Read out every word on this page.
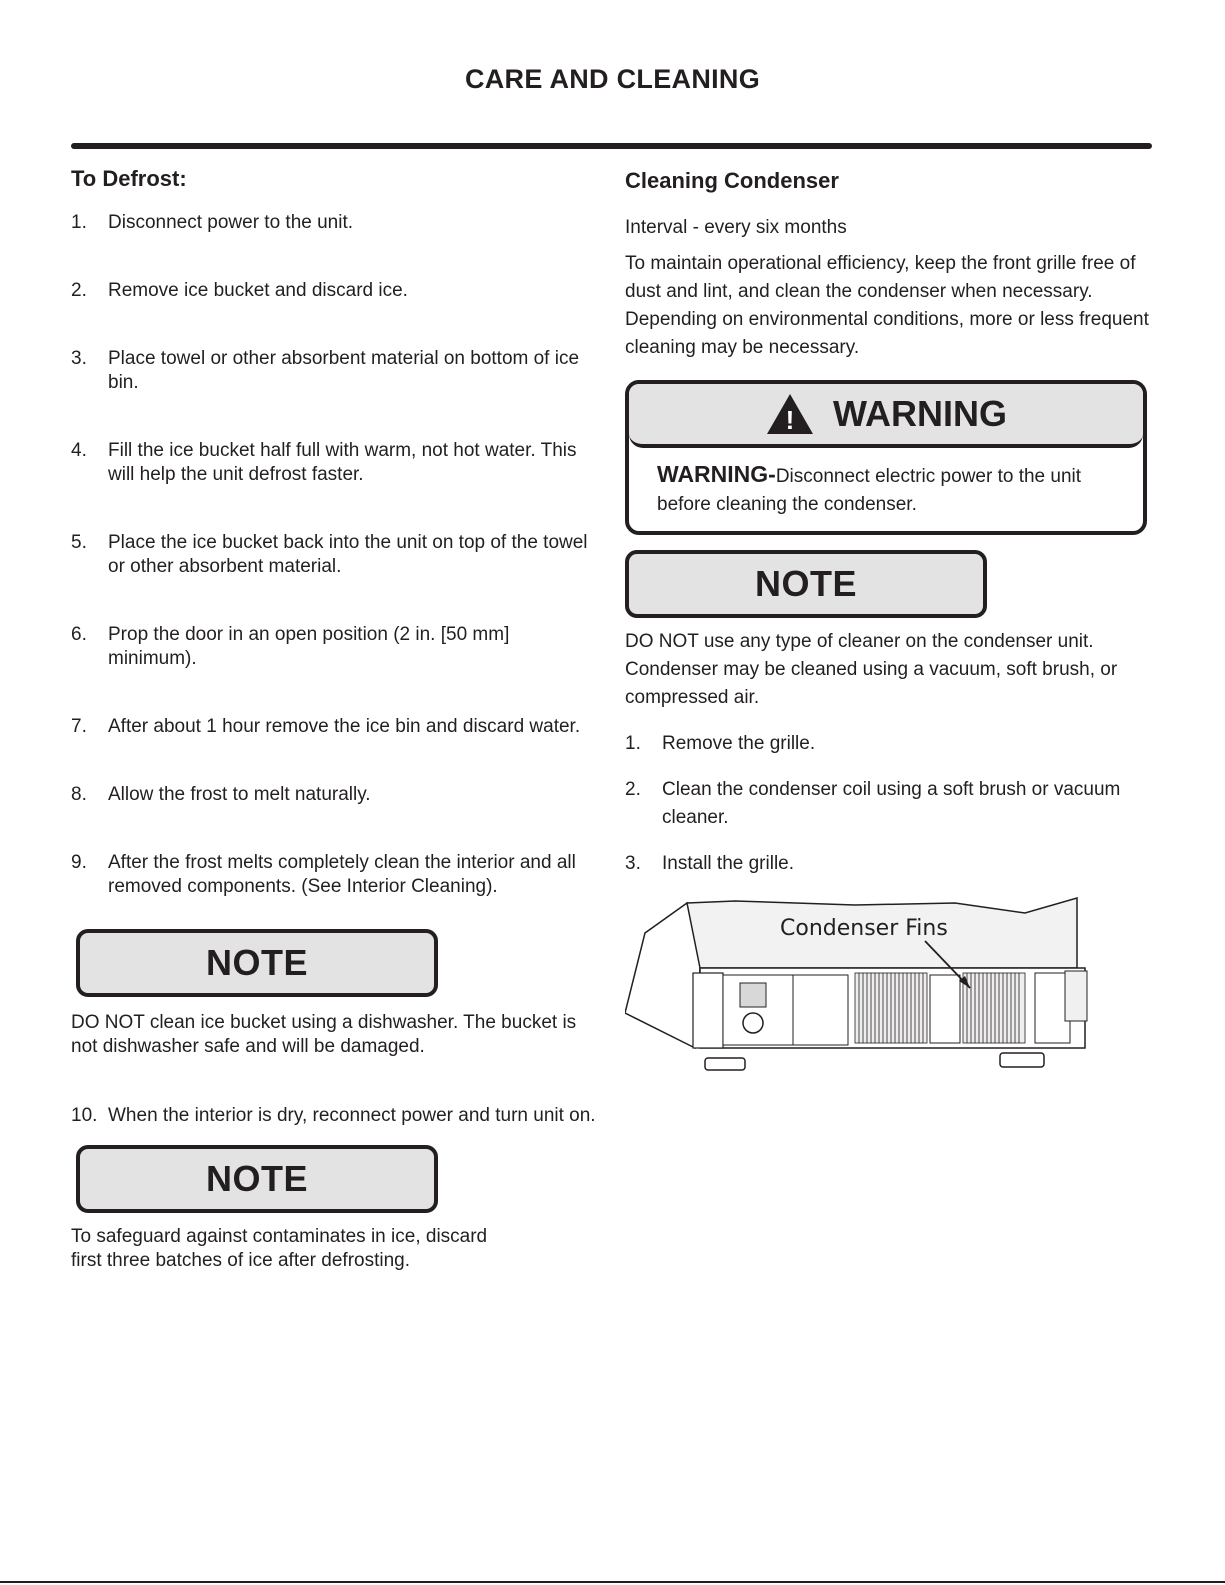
CARE AND CLEANING
To Defrost:
1. Disconnect power to the unit.
2. Remove ice bucket and discard ice.
3. Place towel or other absorbent material on bottom of ice bin.
4. Fill the ice bucket half full with warm, not hot water. This will help the unit defrost faster.
5. Place the ice bucket back into the unit on top of the towel or other absorbent material.
6. Prop the door in an open position (2 in. [50 mm] minimum).
7. After about 1 hour remove the ice bin and discard water.
8. Allow the frost to melt naturally.
9. After the frost melts completely clean the interior and all removed components. (See Interior Cleaning).
NOTE

DO NOT clean ice bucket using a dishwasher. The bucket is not dishwasher safe and will be damaged.

10. When the interior is dry, reconnect power and turn unit on.
NOTE

To safeguard against contaminates in ice, discard first three batches of ice after defrosting.

Cleaning Condenser

Interval - every six months

To maintain operational efficiency, keep the front grille free of dust and lint, and clean the condenser when necessary. Depending on environmental conditions, more or less frequent cleaning may be necessary.

! WARNING
WARNING-Disconnect electric power to the unit before cleaning the condenser.
NOTE

DO NOT use any type of cleaner on the condenser unit. Condenser may be cleaned using a vacuum, soft brush, or compressed air.

1. Remove the grille.
2. Clean the condenser coil using a soft brush or vacuum cleaner.
3. Install the grille.
Condenser Fins
